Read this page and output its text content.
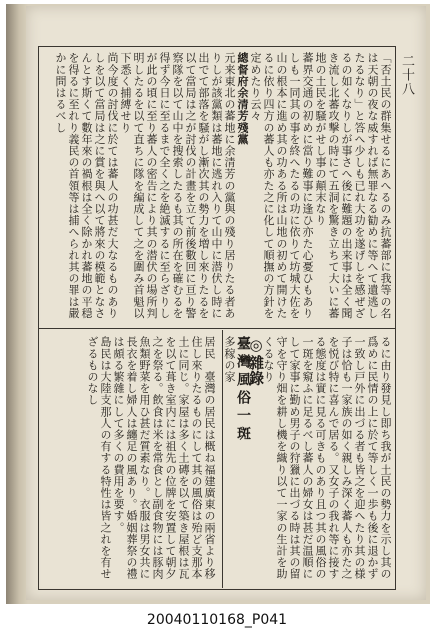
二十八

「否土民の群集せるにあへるのみ抗蕃部に我等の名は天朝の夜な威すれば無罪なる勧めに等へて遺逃したるなり」と答へ少しも已れ大功を遂げしを感ぜざるの如くなりしが事さへ後に難題の出来事は全く聞き流し北蕃攻撃の時にて五洞を驚き立ちて大いに蕃地の土民を騒がせし事の顛末なり

蕃界交通の初めに當り難事に逢ひ亦た心憂ひもありしも一同其の事を終へたるの功に依りて坊城大佐を山の根本に進め其の功ある所は山地の初めて開けたるに依り四方の蕃人も亦た之に化して順撫の方針を定めたり云々

總督府余清芳殘黨

元来東北の蕃地に余清芳の黨與の殘り居りたる者ありしが該黨類は蕃地に逃れ入りて山中に潜伏し時に出でて部落を騒がし漸次其の勢力を増し來りたるを以て當局は之が討伐の計畫を立て前後數回に亘り警察隊を以て山中を搜索したるも其の所在を確むるを得ず今日に至るまで全く之を絶滅するに至らざりしが此の頃に至り蕃人の密告により其の潜伏の場所判明したるを以て直ちに隊を編成して之を圍み首魁以下悉く捕縛せり

尚今度の討伐に於ては蕃人の功甚だ大なるものありしを以て當局は之に賞を與へ以て將來の模範となさんとす斯くて數年來の禍根は全く除かれ蕃地の平穏を得るに至れり義民の首領等は捕へられ其の罪は嚴かに問はるべし

るに由り發見し即ち我が土民の勢力を示し其の爲めに民情の上に於て等しく一歩も後に退かず一致し戸外に出づる者も皆之を迎へたり其の様子は恰も一家族の如く親しみ深く蕃人も亦た之を悦び特に喜んで居る。又女子の我れ等に接する態度は實に見る可きものあり且つ其の風俗の一斑を窺ふに足るべし蕃人の婦女は甚だ温順にして家事に勤め男子の狩獵に出づる時は其の留守を守り畑を耕し機を織り以て一家の生計を助くるなり

◎雜錄

臺灣風俗一斑

多稼の家

居民　臺灣の居民は概ね福建廣東の兩省より移住し來りたるものにして其の風俗は殆ど支那本土に同じ。家屋は多く土磚を以て築き屋根は瓦を以て葺き室内には祖先の位牌を安置して朝夕之を祭る。飲食は米を常食とし副食物には豚肉魚類野菜を用ひ甚だ質素なり。衣服は男女共に長衣を着し婦人は纏足の風あり。婚姻葬祭の禮は頗る繁雜にして多くの費用を要す。

島民は大陸支那人の有する特性は皆之れを有せざるものなし

20040110168_P041
